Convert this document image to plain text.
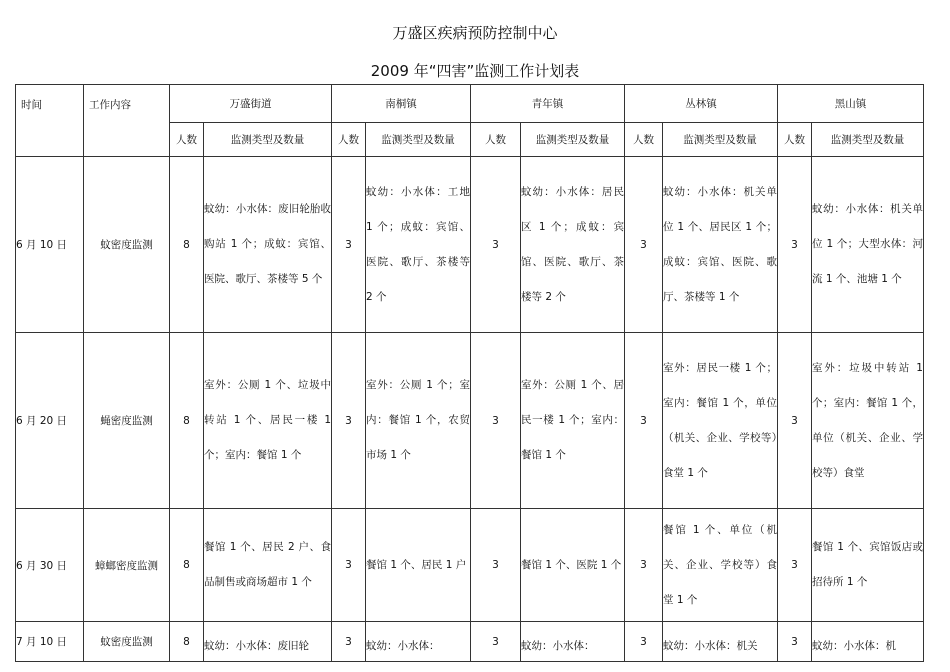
万盛区疾病预防控制中心
2009 年“四害”监测工作计划表
时间	工作内容	万盛街道		南桐镇		青年镇		丛林镇		黑山镇	
		人数	监测类型及数量	人数	监测类型及数量	人数	监测类型及数量	人数	监测类型及数量	人数	监测类型及数量
6 月 10 日	蚊密度监测	8	蚊幼：小水体：废旧轮胎收购站 1 个；成蚊：宾馆、医院、歌厅、茶楼等 5 个	3	蚊幼：小水体：工地 1 个；成蚊：宾馆、医院、歌厅、茶楼等 2 个	3	蚊幼：小水体：居民区 1 个；成蚊：宾馆、医院、歌厅、茶楼等 2 个	3	蚊幼：小水体：机关单位 1 个、居民区 1 个；成蚊：宾馆、医院、歌厅、茶楼等 1 个	3	蚊幼：小水体：机关单位 1 个；大型水体：河流 1 个、池塘 1 个
6 月 20 日	蝇密度监测	8	室外：公厕 1 个、垃圾中转站 1 个、居民一楼 1 个；室内：餐馆 1 个	3	室外：公厕 1 个；室内：餐馆 1 个，农贸市场 1 个	3	室外：公厕 1 个、居民一楼 1 个；室内：餐馆 1 个	3	室外：居民一楼 1 个；室内：餐馆 1 个，单位（机关、企业、学校等）食堂 1 个	3	室外：垃圾中转站 1 个；室内：餐馆 1 个，单位（机关、企业、学校等）食堂
6 月 30 日	蟑螂密度监测	8	餐馆 1 个、居民 2 户、食品制售或商场超市 1 个	3	餐馆 1 个、居民 1 户	3	餐馆 1 个、医院 1 个	3	餐馆 1 个、单位（机关、企业、学校等）食堂 1 个	3	餐馆 1 个、宾馆饭店或招待所 1 个
7 月 10 日	蚊密度监测	8	蚊幼：小水体：废旧轮	3	蚊幼：小水体：	3	蚊幼：小水体：	3	蚊幼：小水体：机关	3	蚊幼：小水体：机
